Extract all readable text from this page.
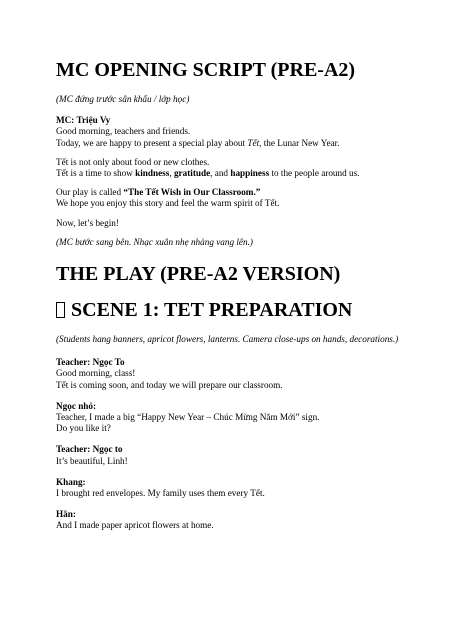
MC OPENING SCRIPT (PRE-A2)

(MC đứng trước sân khấu / lớp học)

MC: Triệu Vy

Good morning, teachers and friends.

Today, we are happy to present a special play about Tết, the Lunar New Year.

Tết is not only about food or new clothes.

Tết is a time to show kindness, gratitude, and happiness to the people around us.

Our play is called “The Tết Wish in Our Classroom.”

We hope you enjoy this story and feel the warm spirit of Tết.

Now, let’s begin!

(MC bước sang bên. Nhạc xuân nhẹ nhàng vang lên.)

THE PLAY (PRE-A2 VERSION)
SCENE 1: TET PREPARATION

(Students hang banners, apricot flowers, lanterns. Camera close-ups on hands, decorations.)

Teacher: Ngọc To

Good morning, class!

Tết is coming soon, and today we will prepare our classroom.

Ngọc nhỏ:

Teacher, I made a big “Happy New Year – Chúc Mừng Năm Mới” sign.

Do you like it?

Teacher: Ngọc to

It’s beautiful, Linh!

Khang:

I brought red envelopes. My family uses them every Tết.

Hân:

And I made paper apricot flowers at home.
